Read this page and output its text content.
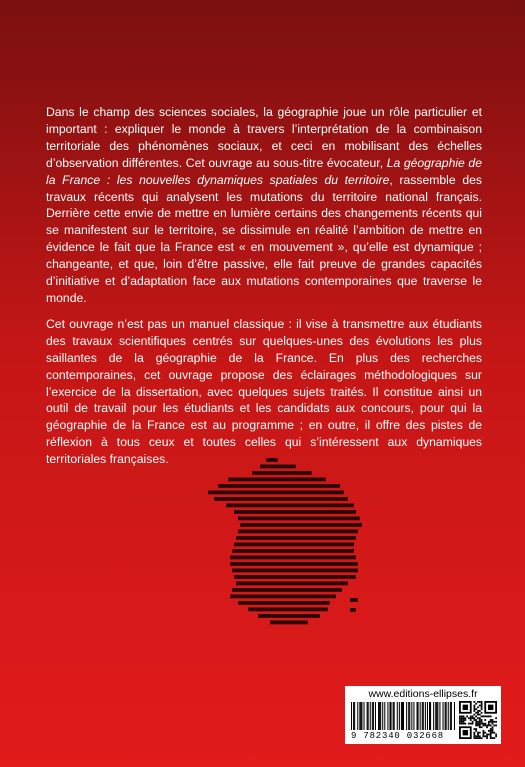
Dans le champ des sciences sociales, la géographie joue un rôle particulier et important : expliquer le monde à travers l’interprétation de la combinaison territoriale des phénomènes sociaux, et ceci en mobilisant des échelles d’observation différentes. Cet ouvrage au sous-titre évocateur, La géographie de la France : les nouvelles dynamiques spatiales du territoire, rassemble des travaux récents qui analysent les mutations du territoire national français. Derrière cette envie de mettre en lumière certains des changements récents qui se manifestent sur le territoire, se dissimule en réalité l’ambition de mettre en évidence le fait que la France est « en mouvement », qu’elle est dynamique ; changeante, et que, loin d’être passive, elle fait preuve de grandes capacités d’initiative et d’adaptation face aux mutations contemporaines que traverse le monde.

Cet ouvrage n’est pas un manuel classique : il vise à transmettre aux étudiants des travaux scientifiques centrés sur quelques-unes des évolutions les plus saillantes de la géographie de la France. En plus des recherches contemporaines, cet ouvrage propose des éclairages méthodologiques sur l’exercice de la dissertation, avec quelques sujets traités. Il constitue ainsi un outil de travail pour les étudiants et les candidats aux concours, pour qui la géographie de la France est au programme ; en outre, il offre des pistes de réflexion à tous ceux et toutes celles qui s’intéressent aux dynamiques territoriales françaises.

www.editions-ellipses.fr
9 782340 032668
